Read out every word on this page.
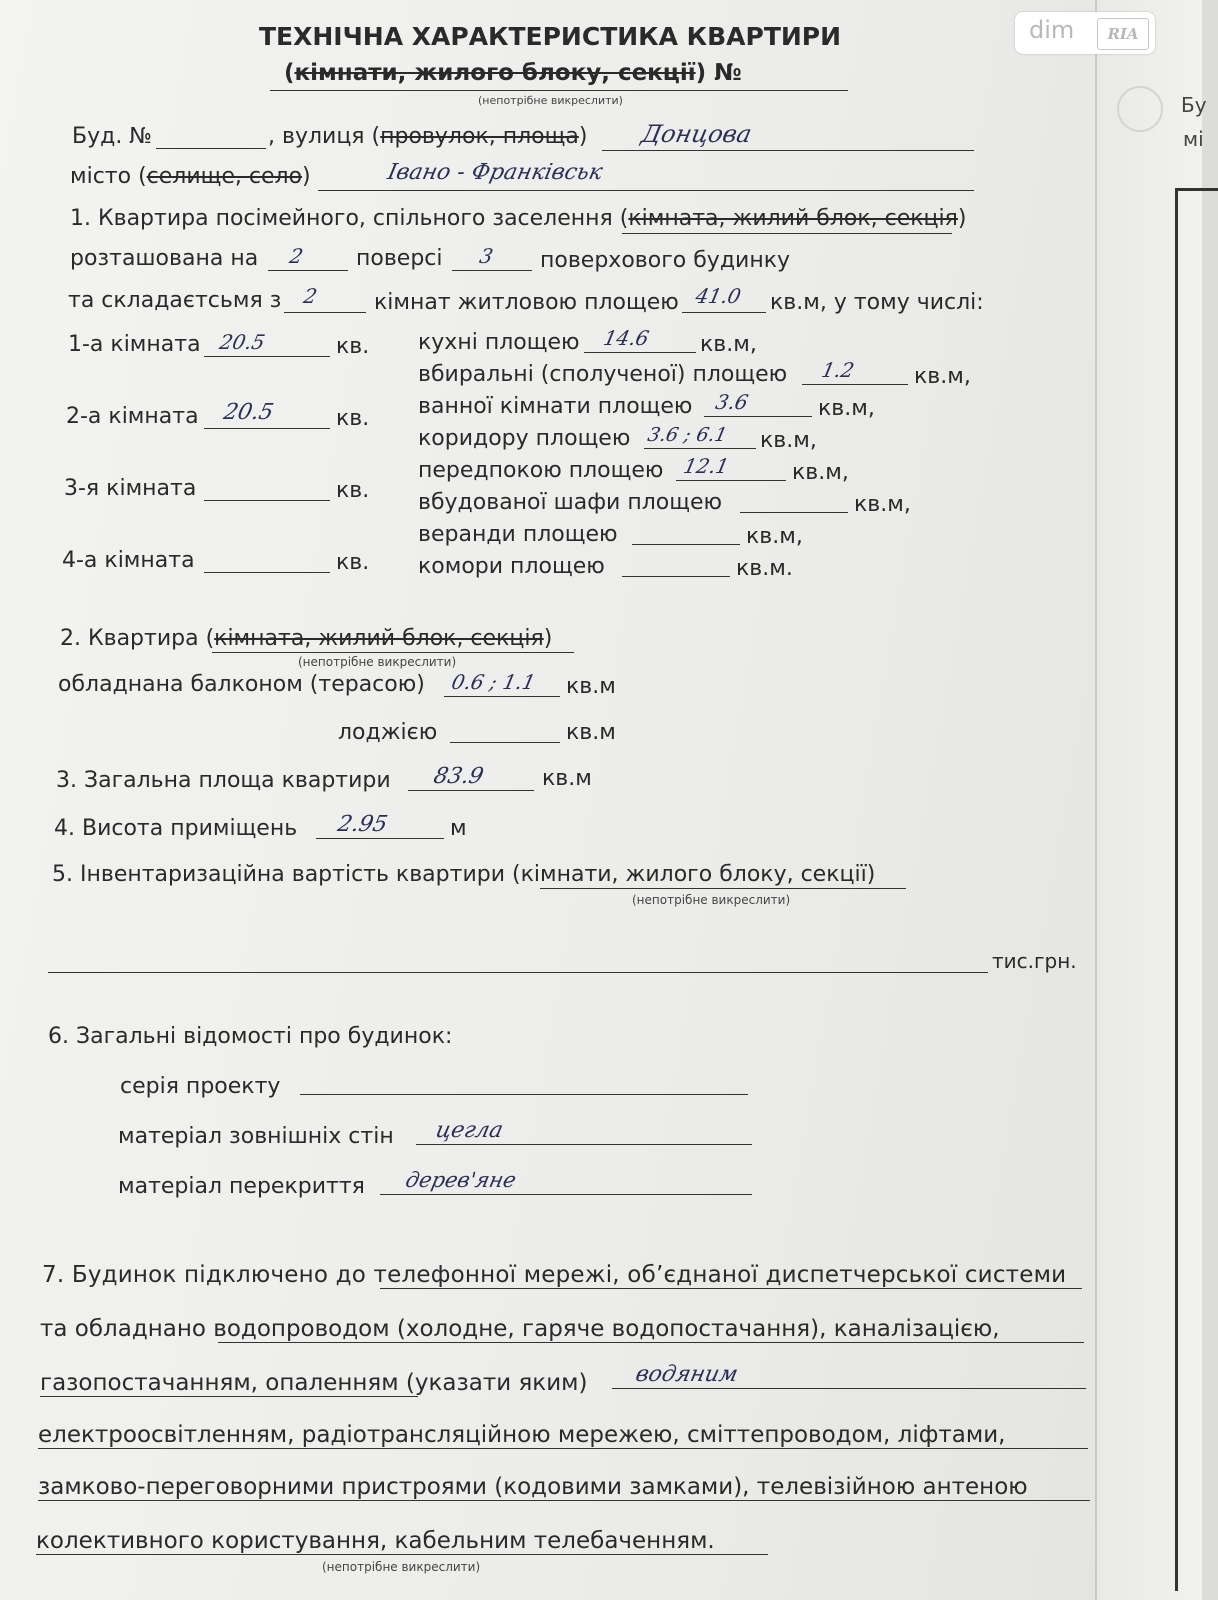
ТЕХНІЧНА ХАРАКТЕРИСТИКА КВАРТИРИ
(кімнати, жилого блоку, секції) №
(непотрібне викреслити)
Буд. №	, вулиця (провулок, площа) Донцова
місто (селище, село)	Івано - Франківськ
1. Квартира посімейного, спільного заселення (кімната, жилий блок, секція)
розташована на 2 поверсі 3 поверхового будинку
та складаєтсьмя з 2 кімнат житловою площею 41.0 кв.м, у тому числі:
1-а кімната 20.5	кв.
2-а кімната 20.5	кв.
3-я кімната	кв.
4-а кімната	кв.
кухні площею 14.6 кв.м,
вбиральні (сполученої) площею 1.2	кв.м,
ванної кімнати площею 3.6	кв.м,
коридору площею 3.6 ; 6.1 кв.м,
передпокою площею 12.1	кв.м,
вбудованої шафи площею	кв.м,
веранди площею	кв.м,
комори площею	кв.м.
2. Квартира (кімната, жилий блок, секція)
(непотрібне викреслити)
обладнана балконом (терасою) 0.6 ; 1.1 кв.м
лоджією	кв.м
3. Загальна площа квартири 83.9	кв.м
4. Висота приміщень 2.95	м
5. Інвентаризаційна вартість квартири (кімнати, жилого блоку, секції)
(непотрібне викреслити)
тис.грн.
6. Загальні відомості про будинок:
серія проекту
матеріал зовнішніх стін цегла
матеріал перекриття дерев'яне
7. Будинок підключено до телефонної мережі, об’єднаної диспетчерської системи
та обладнано водопроводом (холодне, гаряче водопостачання), каналізацією,
газопостачанням, опаленням (указати яким) водяним
електроосвітленням, радіотрансляційною мережею, сміттепроводом, ліфтами,
замково-переговорними пристроями (кодовими замками), телевізійною антеною
колективного користування, кабельним телебаченням.
(непотрібне викреслити)
Бу
мі
dim	RIA
